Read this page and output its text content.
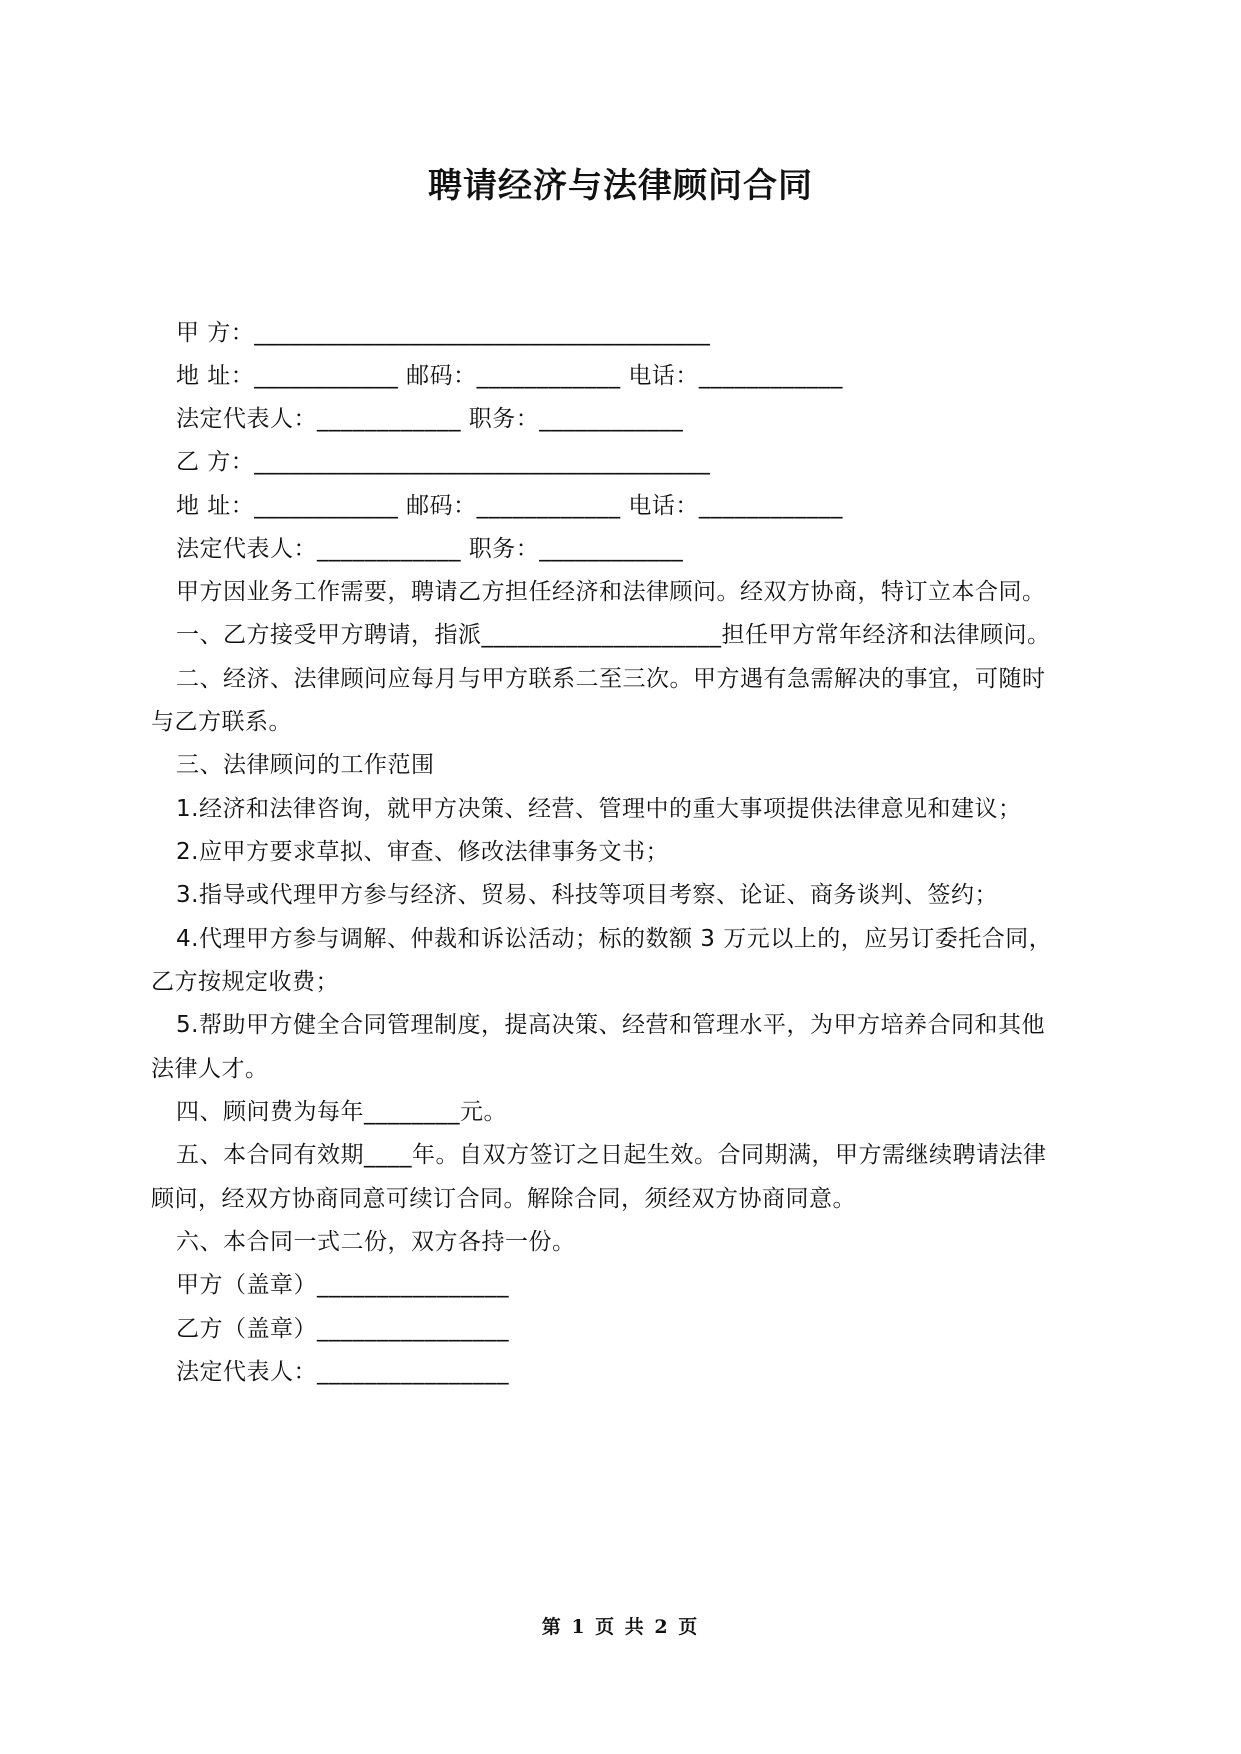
聘请经济与法律顾问合同

甲 方：______________________________________

地 址：____________ 邮码：____________ 电话：____________

法定代表人：____________ 职务：____________

乙 方：______________________________________

地 址：____________ 邮码：____________ 电话：____________

法定代表人：____________ 职务：____________

甲方因业务工作需要，聘请乙方担任经济和法律顾问。经双方协商，特订立本合同。

一、乙方接受甲方聘请，指派____________________担任甲方常年经济和法律顾问。

二、经济、法律顾问应每月与甲方联系二至三次。甲方遇有急需解决的事宜，可随时

与乙方联系。

三、法律顾问的工作范围

1.经济和法律咨询，就甲方决策、经营、管理中的重大事项提供法律意见和建议；

2.应甲方要求草拟、审查、修改法律事务文书；

3.指导或代理甲方参与经济、贸易、科技等项目考察、论证、商务谈判、签约；

4.代理甲方参与调解、仲裁和诉讼活动；标的数额 3 万元以上的，应另订委托合同，

乙方按规定收费；

5.帮助甲方健全合同管理制度，提高决策、经营和管理水平，为甲方培养合同和其他

法律人才。

四、顾问费为每年________元。

五、本合同有效期____年。自双方签订之日起生效。合同期满，甲方需继续聘请法律

顾问，经双方协商同意可续订合同。解除合同，须经双方协商同意。

六、本合同一式二份，双方各持一份。

甲方（盖章）________________

乙方（盖章）________________

法定代表人：________________

第 1 页 共 2 页
